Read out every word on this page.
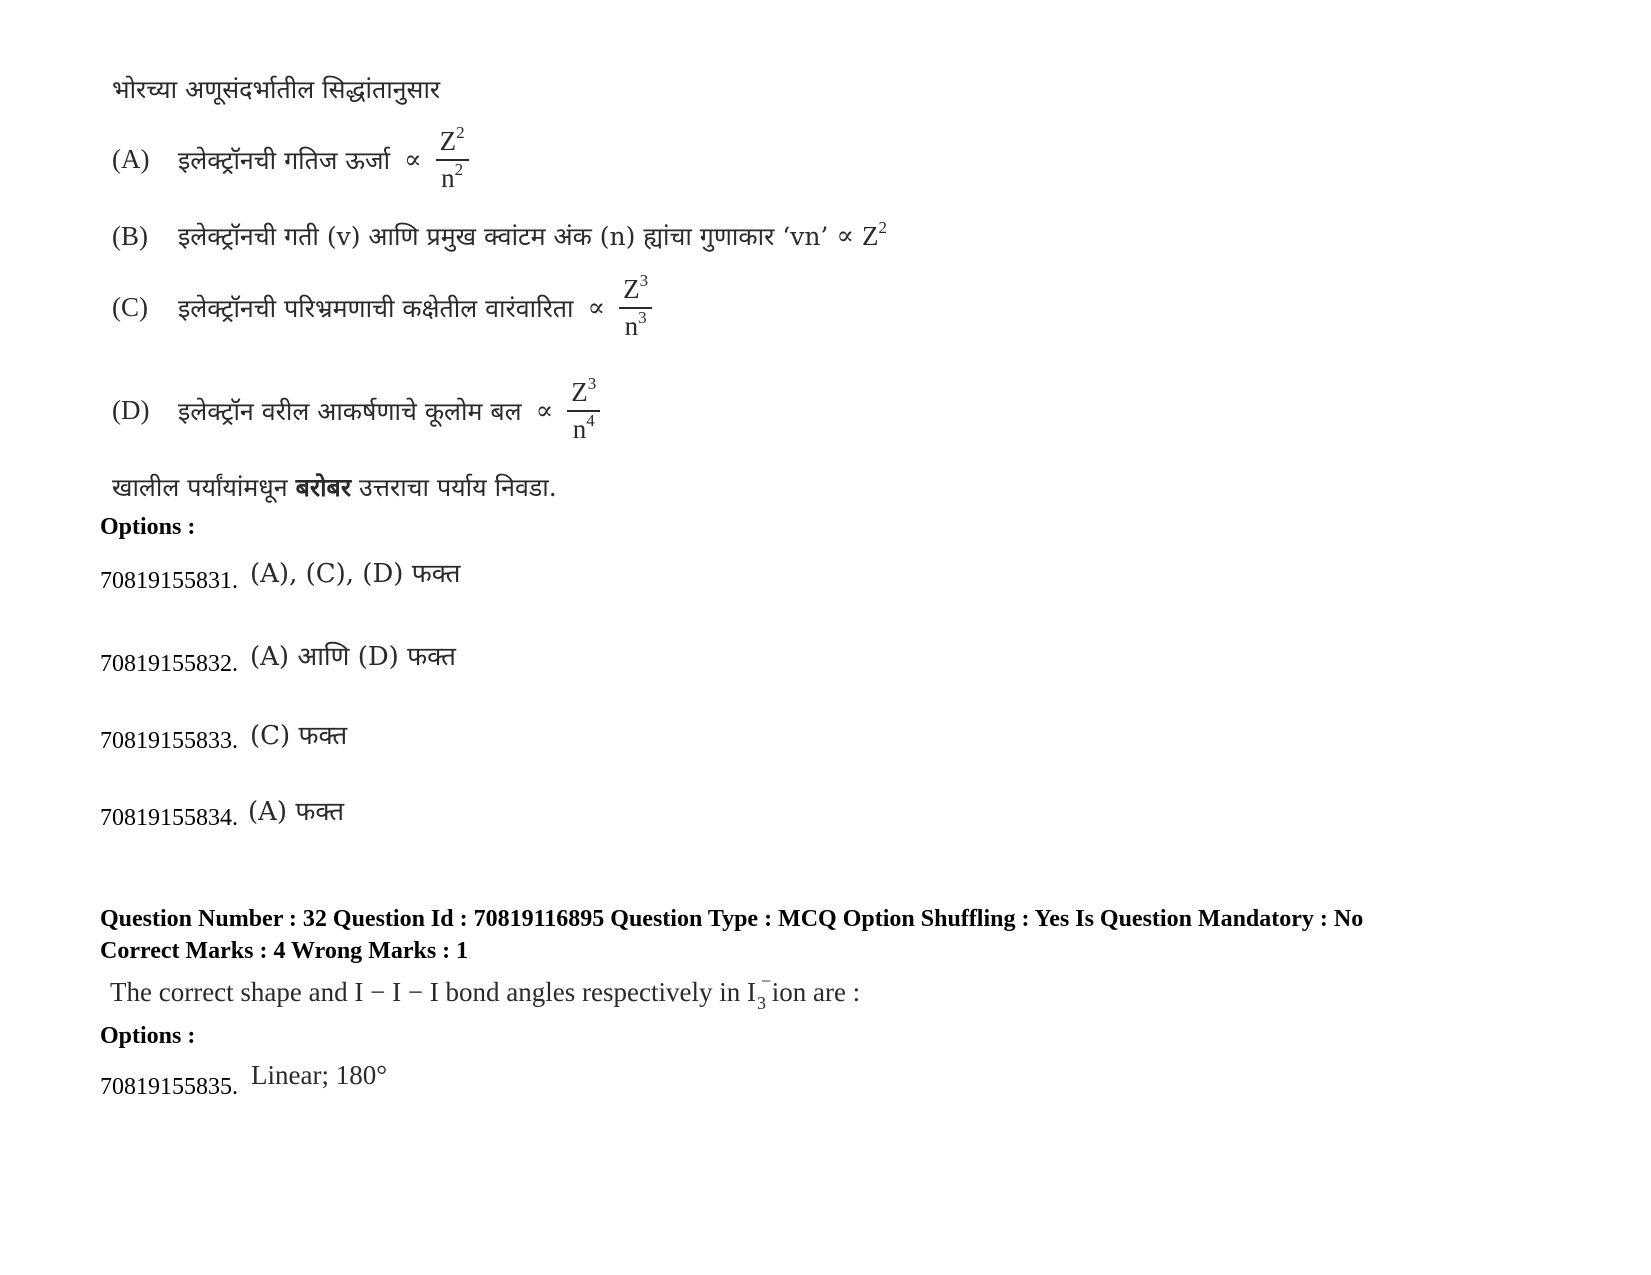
भोरच्या अणूसंदर्भातील सिद्धांतानुसार
(A)	इलेक्ट्रॉनची गतिज ऊर्जा ∝ $\frac{Z^2}{n^2}$
(B)	इलेक्ट्रॉनची गती (v) आणि प्रमुख क्वांटम अंक (n) ह्यांचा गुणाकार ‘vn’ ∝ $Z^2$
(C)	इलेक्ट्रॉनची परिभ्रमणाची कक्षेतील वारंवारिता ∝ $\frac{Z^3}{n^3}$
(D)	इलेक्ट्रॉन वरील आकर्षणाचे कूलोम बल ∝ $\frac{Z^3}{n^4}$
खालील पर्यांयांमधून बरोबर उत्तराचा पर्याय निवडा.
Options :
70819155831. (A), (C), (D) फक्त
70819155832. (A) आणि (D) फक्त
70819155833. (C) फक्त
70819155834. (A) फक्त
Question Number : 32 Question Id : 70819116895 Question Type : MCQ Option Shuffling : Yes Is Question Mandatory : No
Correct Marks : 4 Wrong Marks : 1
The correct shape and I − I − I bond angles respectively in $I_3$
− ion are :
Options :
70819155835. Linear; 180°
